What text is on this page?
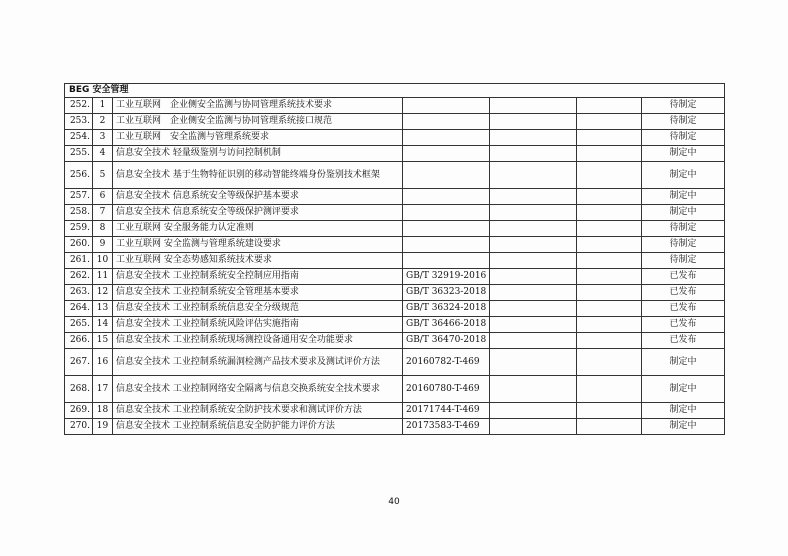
BEG 安全管理						
252.	1	工业互联网　企业侧安全监测与协同管理系统技术要求				待制定
253.	2	工业互联网　企业侧安全监测与协同管理系统接口规范				待制定
254.	3	工业互联网　安全监测与管理系统要求				待制定
255.	4	信息安全技术 轻量级鉴别与访问控制机制				制定中
256.	5	信息安全技术 基于生物特征识别的移动智能终端身份鉴别技术框架				制定中
257.	6	信息安全技术 信息系统安全等级保护基本要求				制定中
258.	7	信息安全技术 信息系统安全等级保护测评要求				制定中
259.	8	工业互联网 安全服务能力认定准则				待制定
260.	9	工业互联网 安全监测与管理系统建设要求				待制定
261.	10	工业互联网 安全态势感知系统技术要求				待制定
262.	11	信息安全技术 工业控制系统安全控制应用指南	GB/T 32919-2016			已发布
263.	12	信息安全技术 工业控制系统安全管理基本要求	GB/T 36323-2018			已发布
264.	13	信息安全技术 工业控制系统信息安全分级规范	GB/T 36324-2018			已发布
265.	14	信息安全技术 工业控制系统风险评估实施指南	GB/T 36466-2018			已发布
266.	15	信息安全技术 工业控制系统现场测控设备通用安全功能要求	GB/T 36470-2018			已发布
267.	16	信息安全技术 工业控制系统漏洞检测产品技术要求及测试评价方法	20160782-T-469			制定中
268.	17	信息安全技术 工业控制网络安全隔离与信息交换系统安全技术要求	20160780-T-469			制定中
269.	18	信息安全技术 工业控制系统安全防护技术要求和测试评价方法	20171744-T-469			制定中
270.	19	信息安全技术 工业控制系统信息安全防护能力评价方法	20173583-T-469			制定中
40
